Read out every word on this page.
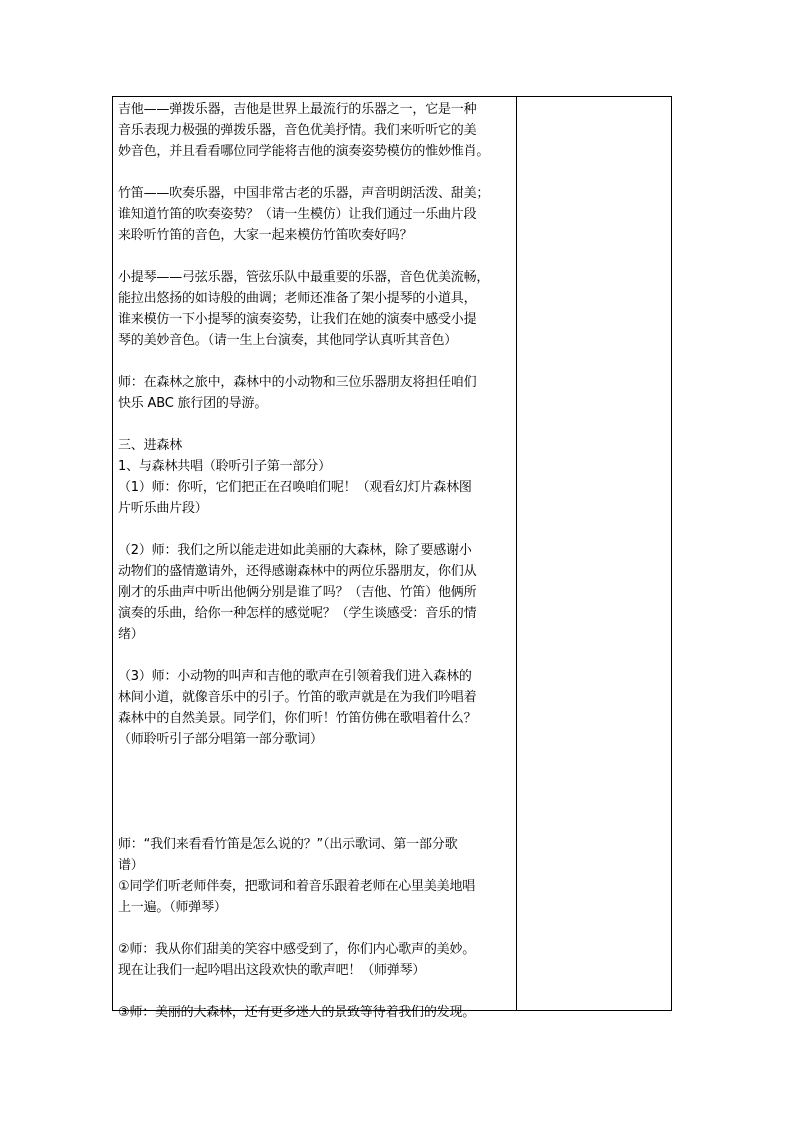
吉他——弹拨乐器，吉他是世界上最流行的乐器之一，它是一种

音乐表现力极强的弹拨乐器，音色优美抒情。我们来听听它的美

妙音色，并且看看哪位同学能将吉他的演奏姿势模仿的惟妙惟肖。

竹笛——吹奏乐器，中国非常古老的乐器，声音明朗活泼、甜美；

谁知道竹笛的吹奏姿势？（请一生模仿）让我们通过一乐曲片段

来聆听竹笛的音色，大家一起来模仿竹笛吹奏好吗？

小提琴——弓弦乐器，管弦乐队中最重要的乐器，音色优美流畅，

能拉出悠扬的如诗般的曲调；老师还准备了架小提琴的小道具，

谁来模仿一下小提琴的演奏姿势，让我们在她的演奏中感受小提

琴的美妙音色。（请一生上台演奏，其他同学认真听其音色）

师：在森林之旅中，森林中的小动物和三位乐器朋友将担任咱们

快乐 ABC 旅行团的导游。

三、进森林

1、与森林共唱（聆听引子第一部分）

（1）师：你听，它们把正在召唤咱们呢！（观看幻灯片森林图

片听乐曲片段）

（2）师：我们之所以能走进如此美丽的大森林，除了要感谢小

动物们的盛情邀请外，还得感谢森林中的两位乐器朋友，你们从

刚才的乐曲声中听出他俩分别是谁了吗？（吉他、竹笛）他俩所

演奏的乐曲，给你一种怎样的感觉呢？（学生谈感受：音乐的情

绪）

（3）师：小动物的叫声和吉他的歌声在引领着我们进入森林的

林间小道，就像音乐中的引子。竹笛的歌声就是在为我们吟唱着

森林中的自然美景。同学们，你们听！竹笛仿佛在歌唱着什么？

（师聆听引子部分唱第一部分歌词）

师：“我们来看看竹笛是怎么说的？”（出示歌词、第一部分歌

谱）

①同学们听老师伴奏，把歌词和着音乐跟着老师在心里美美地唱

上一遍。（师弹琴）

②师：我从你们甜美的笑容中感受到了，你们内心歌声的美妙。

现在让我们一起吟唱出这段欢快的歌声吧！（师弹琴）

③师：美丽的大森林，还有更多迷人的景致等待着我们的发现。
